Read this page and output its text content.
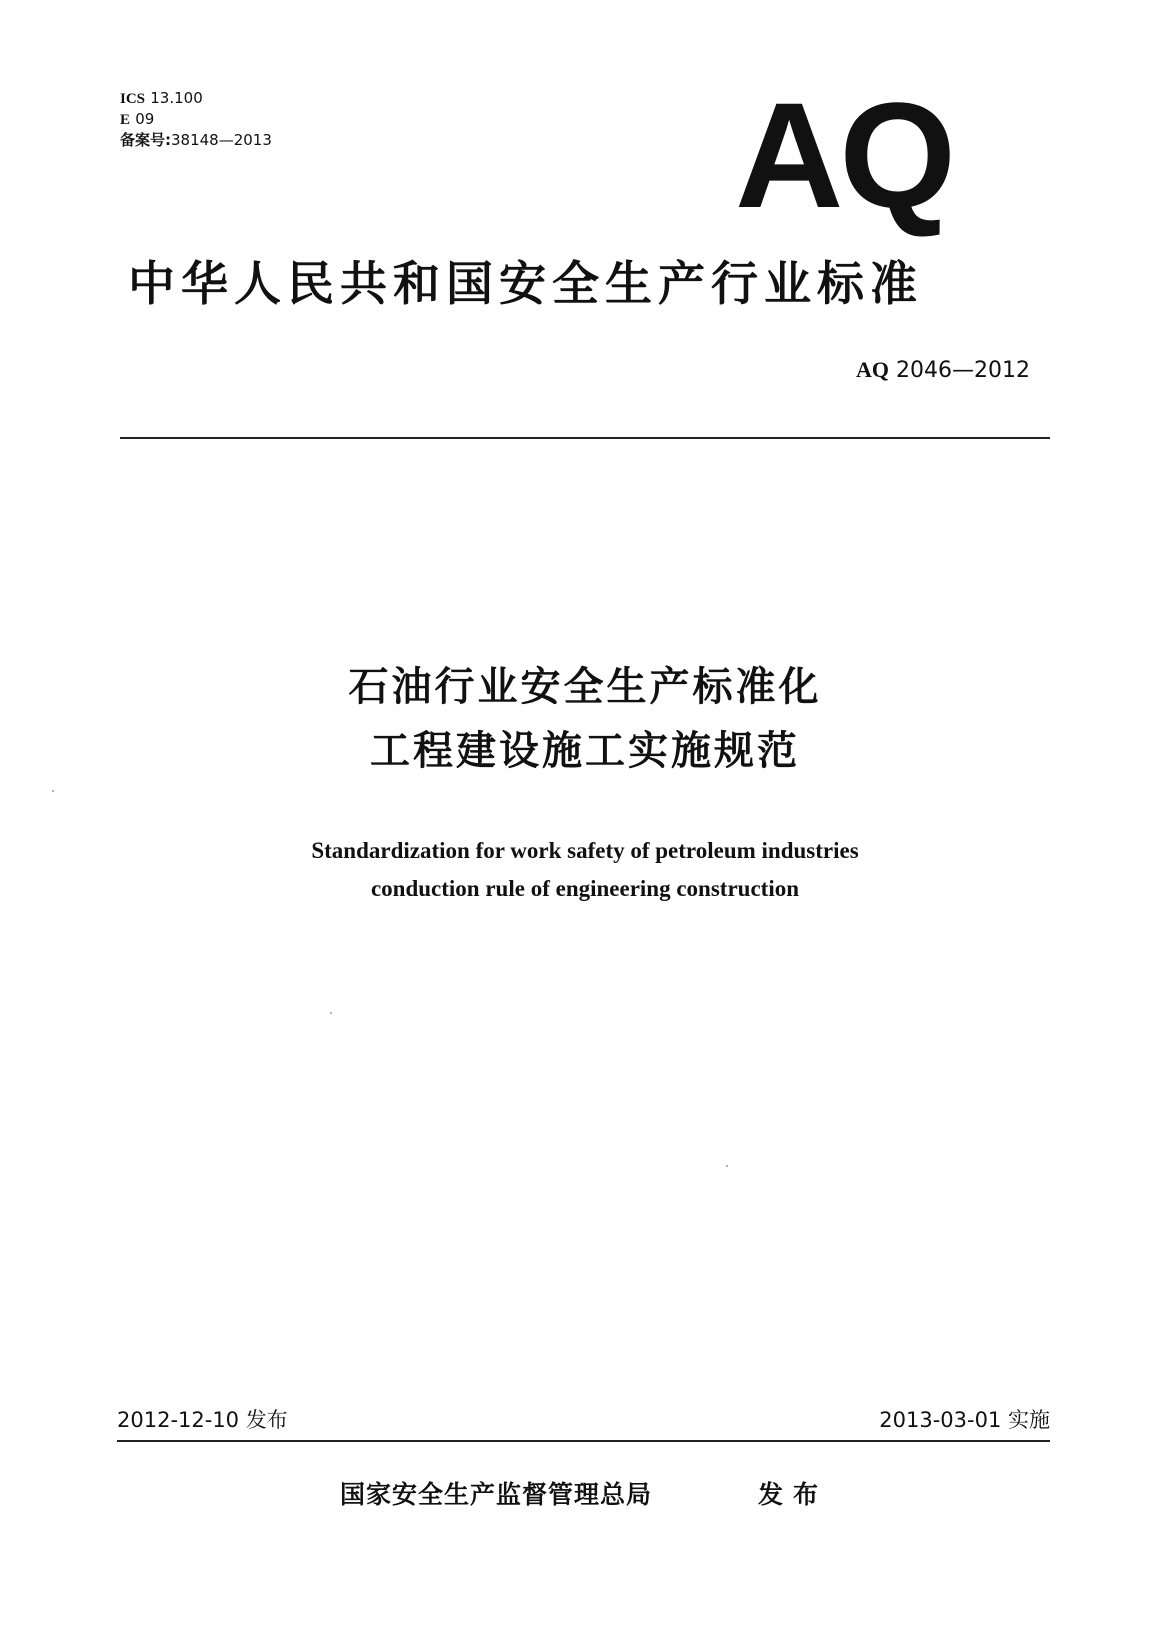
ICS 13.100
E 09
备案号:38148—2013	AQ
中华人民共和国安全生产行业标准
AQ 2046—2012
石油行业安全生产标准化
工程建设施工实施规范
Standardization for work safety of petroleum industries
conduction rule of engineering construction
2012-12-10 发布	2013-03-01 实施
国家安全生产监督管理总局	发布
